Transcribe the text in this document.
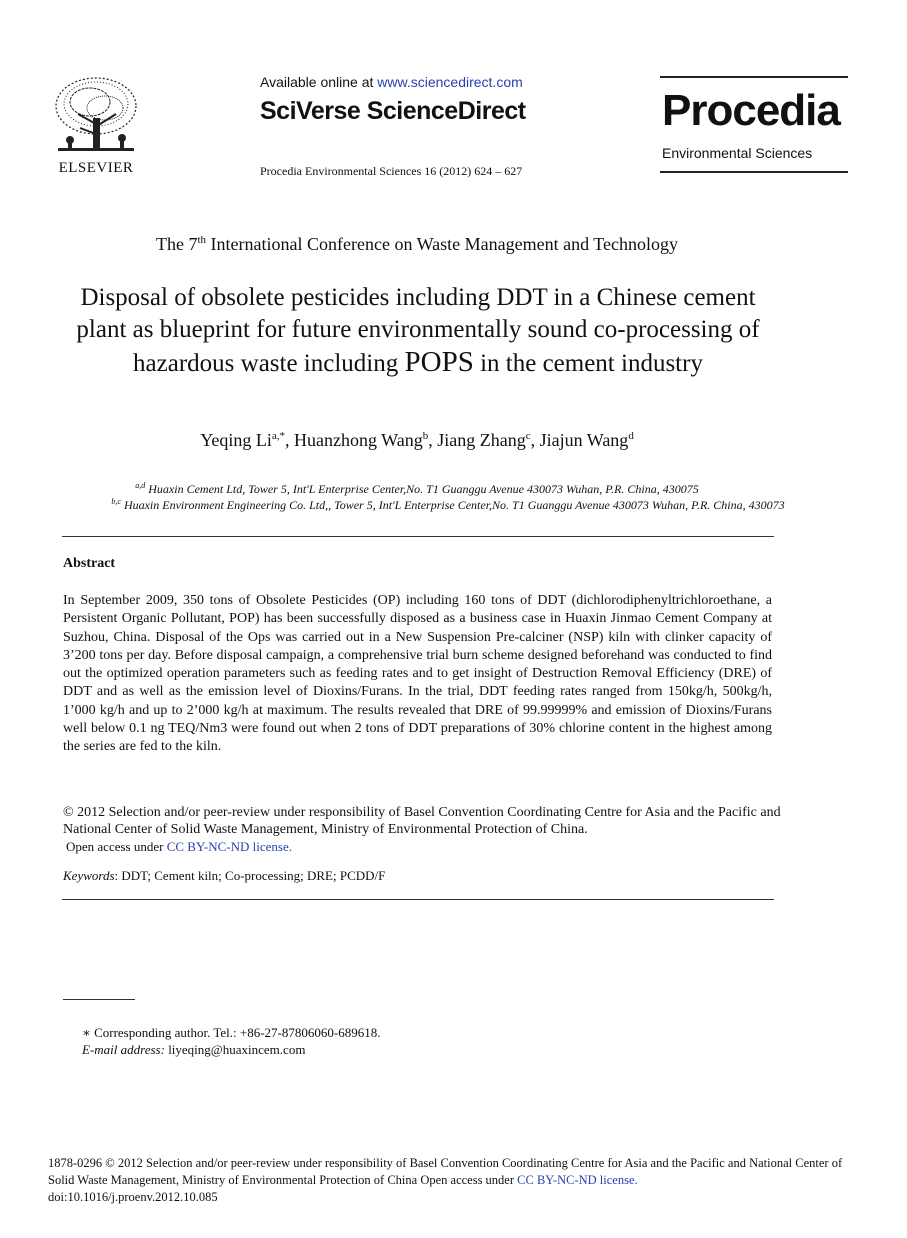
ELSEVIER
Available online at www.sciencedirect.com
SciVerse ScienceDirect
Procedia Environmental Sciences 16 (2012) 624 – 627
Procedia
Environmental Sciences
The 7th International Conference on Waste Management and Technology
Disposal of obsolete pesticides including DDT in a Chinese cement plant as blueprint for future environmentally sound co-processing of hazardous waste including POPS in the cement industry
Yeqing $Li^{a,*}$, Huanzhong Wang$^b$, Jiang Zhang$^c$, Jiajun Wang$^d$
$^{a,d}$ Huaxin Cement Ltd, Tower 5, Int'L Enterprise Center,No. T1 Guanggu Avenue 430073 Wuhan, P.R. China, 430075
$^{b,c}$ Huaxin Environment Engineering Co. Ltd,, Tower 5, Int'L Enterprise Center,No. T1 Guanggu Avenue 430073 Wuhan, P.R. China, 430073
Abstract
In September 2009, 350 tons of Obsolete Pesticides (OP) including 160 tons of DDT (dichlorodiphenyltrichloroethane, a Persistent Organic Pollutant, POP) has been successfully disposed as a business case in Huaxin Jinmao Cement Company at Suzhou, China. Disposal of the Ops was carried out in a New Suspension Pre-calciner (NSP) kiln with clinker capacity of 3’200 tons per day. Before disposal campaign, a comprehensive trial burn scheme designed beforehand was conducted to find out the optimized operation parameters such as feeding rates and to get insight of Destruction Removal Efficiency (DRE) of DDT and as well as the emission level of Dioxins/Furans. In the trial, DDT feeding rates ranged from 150kg/h, 500kg/h, 1’000 kg/h and up to 2’000 kg/h at maximum. The results revealed that DRE of 99.99999% and emission of Dioxins/Furans well below 0.1 ng TEQ/Nm3 were found out when 2 tons of DDT preparations of 30% chlorine content in the highest among the series are fed to the kiln.
© 2012 Selection and/or peer-review under responsibility of Basel Convention Coordinating Centre for Asia and the Pacific and National Center of Solid Waste Management, Ministry of Environmental Protection of China.
Open access under CC BY-NC-ND license.
Keywords: DDT; Cement kiln; Co-processing; DRE; PCDD/F
∗ Corresponding author. Tel.: +86-27-87806060-689618.
E-mail address: liyeqing@huaxincem.com
1878-0296 © 2012 Selection and/or peer-review under responsibility of Basel Convention Coordinating Centre for Asia and the Pacific and National Center of Solid Waste Management, Ministry of Environmental Protection of China Open access under CC BY-NC-ND license.
doi:10.1016/j.proenv.2012.10.085
